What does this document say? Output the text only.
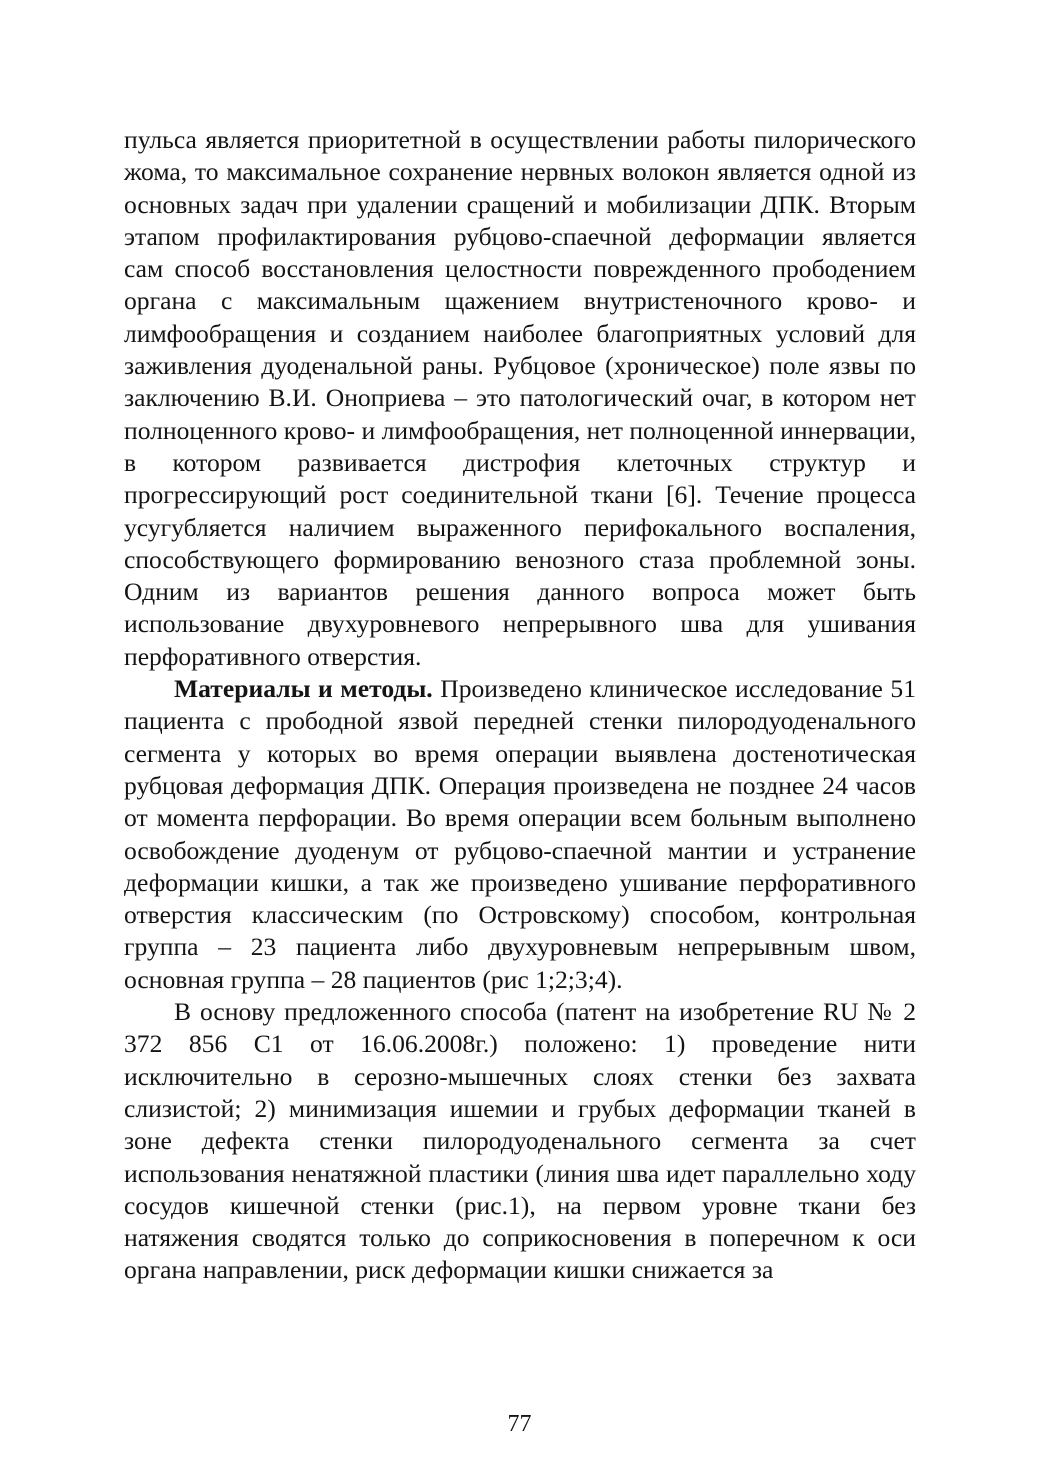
пульса является приоритетной в осуществлении работы пилорического жома, то максимальное сохранение нервных волокон является одной из основных задач при удалении сращений и мобилизации ДПК. Вторым этапом профилактирования рубцово-спаечной деформации является сам способ восстановления целостности поврежденного прободением органа с максимальным щажением внутристеночного крово- и лимфообращения и созданием наиболее благоприятных условий для заживления дуоденальной раны. Рубцовое (хроническое) поле язвы по заключению В.И. Оноприева – это патологический очаг, в котором нет полноценного крово- и лимфообращения, нет полноценной иннервации, в котором развивается дистрофия клеточных структур и прогрессирующий рост соединительной ткани [6]. Течение процесса усугубляется наличием выраженного перифокального воспаления, способствующего формированию венозного стаза проблемной зоны. Одним из вариантов решения данного вопроса может быть использование двухуровневого непрерывного шва для ушивания перфоративного отверстия.

Материалы и методы. Произведено клиническое исследование 51 пациента с прободной язвой передней стенки пилородуоденального сегмента у которых во время операции выявлена достенотическая рубцовая деформация ДПК. Операция произведена не позднее 24 часов от момента перфорации. Во время операции всем больным выполнено освобождение дуоденум от рубцово-спаечной мантии и устранение деформации кишки, а так же произведено ушивание перфоративного отверстия классическим (по Островскому) способом, контрольная группа – 23 пациента либо двухуровневым непрерывным швом, основная группа – 28 пациентов (рис 1;2;3;4).

В основу предложенного способа (патент на изобретение RU № 2 372 856 C1 от 16.06.2008г.) положено: 1) проведение нити исключительно в серозно-мышечных слоях стенки без захвата слизистой; 2) минимизация ишемии и грубых деформации тканей в зоне дефекта стенки пилородуоденального сегмента за счет использования ненатяжной пластики (линия шва идет параллельно ходу сосудов кишечной стенки (рис.1), на первом уровне ткани без натяжения сводятся только до соприкосновения в поперечном к оси органа направлении, риск деформации кишки снижается за

77
